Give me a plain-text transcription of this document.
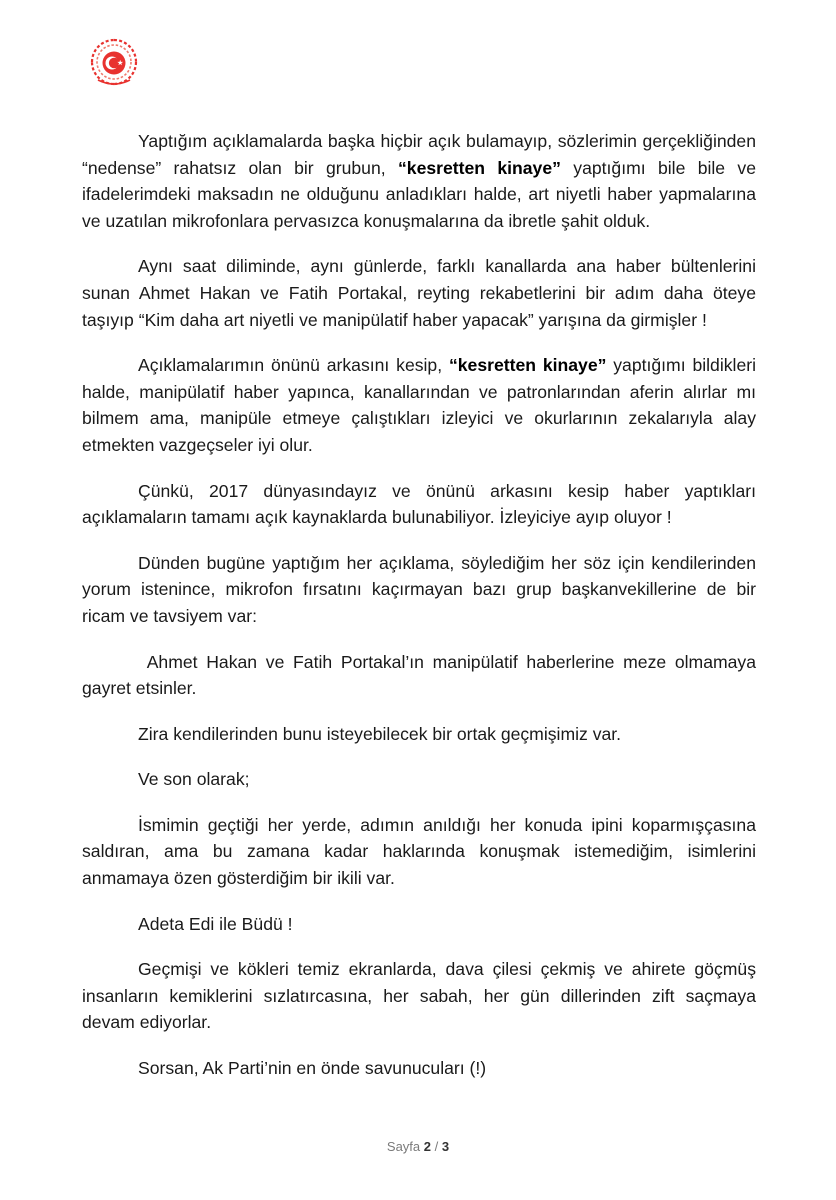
Yaptığım açıklamalarda başka hiçbir açık bulamayıp, sözlerimin gerçekliğinden “nedense” rahatsız olan bir grubun, “kesretten kinaye” yaptığımı bile bile ve ifadelerimdeki maksadın ne olduğunu anladıkları halde, art niyetli haber yapmalarına ve uzatılan mikrofonlara pervasızca konuşmalarına da ibretle şahit olduk.

Aynı saat diliminde, aynı günlerde, farklı kanallarda ana haber bültenlerini sunan Ahmet Hakan ve Fatih Portakal, reyting rekabetlerini bir adım daha öteye taşıyıp “Kim daha art niyetli ve manipülatif haber yapacak” yarışına da girmişler !

Açıklamalarımın önünü arkasını kesip, “kesretten kinaye” yaptığımı bildikleri halde, manipülatif haber yapınca, kanallarından ve patronlarından aferin alırlar mı bilmem ama, manipüle etmeye çalıştıkları izleyici ve okurlarının zekalarıyla alay etmekten vazgeçseler iyi olur.

Çünkü, 2017 dünyasındayız ve önünü arkasını kesip haber yaptıkları açıklamaların tamamı açık kaynaklarda bulunabiliyor. İzleyiciye ayıp oluyor !

Dünden bugüne yaptığım her açıklama, söylediğim her söz için kendilerinden yorum istenince, mikrofon fırsatını kaçırmayan bazı grup başkanvekillerine de bir ricam ve tavsiyem var:

Ahmet Hakan ve Fatih Portakal’ın manipülatif haberlerine meze olmamaya gayret etsinler.

Zira kendilerinden bunu isteyebilecek bir ortak geçmişimiz var.

Ve son olarak;

İsmimin geçtiği her yerde, adımın anıldığı her konuda ipini koparmışçasına saldıran, ama bu zamana kadar haklarında konuşmak istemediğim, isimlerini anmamaya özen gösterdiğim bir ikili var.

Adeta Edi ile Büdü !

Geçmişi ve kökleri temiz ekranlarda, dava çilesi çekmiş ve ahirete göçmüş insanların kemiklerini sızlatırcasına, her sabah, her gün dillerinden zift saçmaya devam ediyorlar.

Sorsan, Ak Parti’nin en önde savunucuları (!)

Sayfa 2 / 3
